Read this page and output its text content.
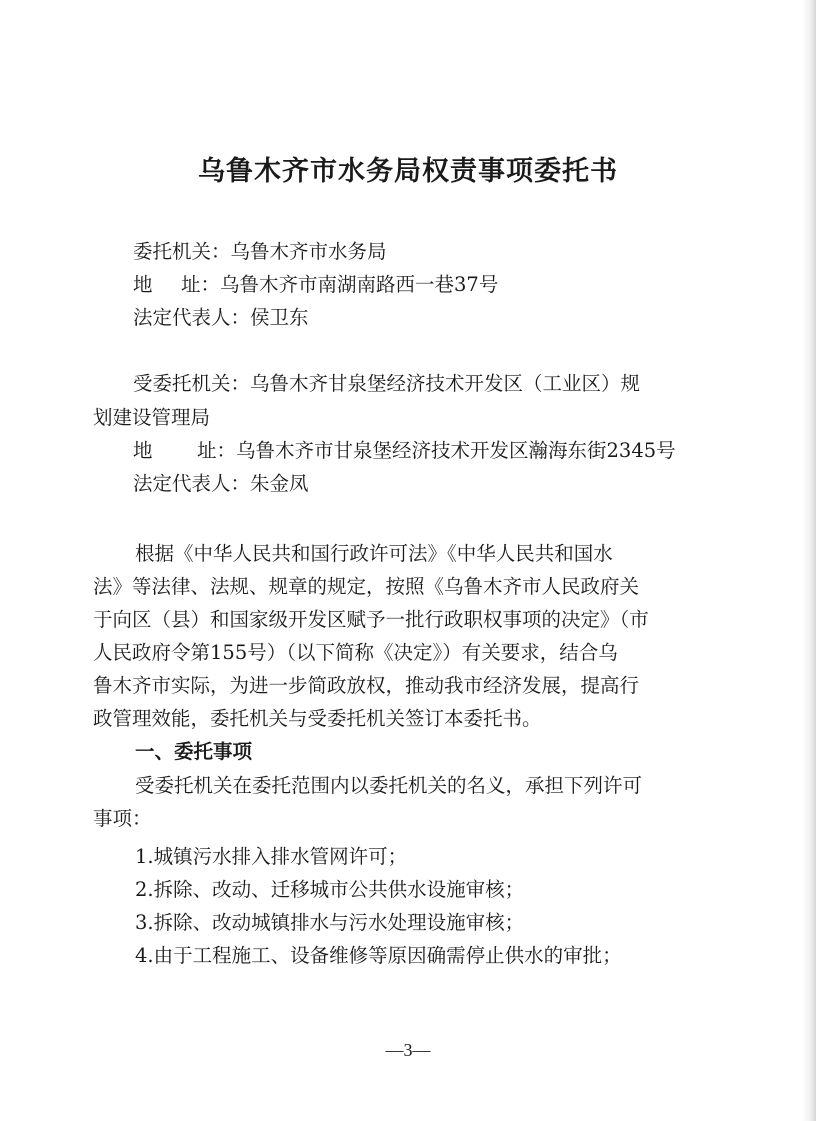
乌鲁木齐市水务局权责事项委托书
委托机关：乌鲁木齐市水务局
地 址：乌鲁木齐市南湖南路西一巷37号
法定代表人：侯卫东
受委托机关：乌鲁木齐甘泉堡经济技术开发区（工业区）规
划建设管理局
地 址：乌鲁木齐市甘泉堡经济技术开发区瀚海东街2345号
法定代表人：朱金凤
根据《中华人民共和国行政许可法》《中华人民共和国水
法》等法律、法规、规章的规定，按照《乌鲁木齐市人民政府关
于向区（县）和国家级开发区赋予一批行政职权事项的决定》（市
人民政府令第155号）（以下简称《决定》）有关要求，结合乌
鲁木齐市实际，为进一步简政放权，推动我市经济发展，提高行
政管理效能，委托机关与受委托机关签订本委托书。
一、委托事项
受委托机关在委托范围内以委托机关的名义，承担下列许可
事项：
1.城镇污水排入排水管网许可；
2.拆除、改动、迁移城市公共供水设施审核；
3.拆除、改动城镇排水与污水处理设施审核；
4.由于工程施工、设备维修等原因确需停止供水的审批；
—3—
